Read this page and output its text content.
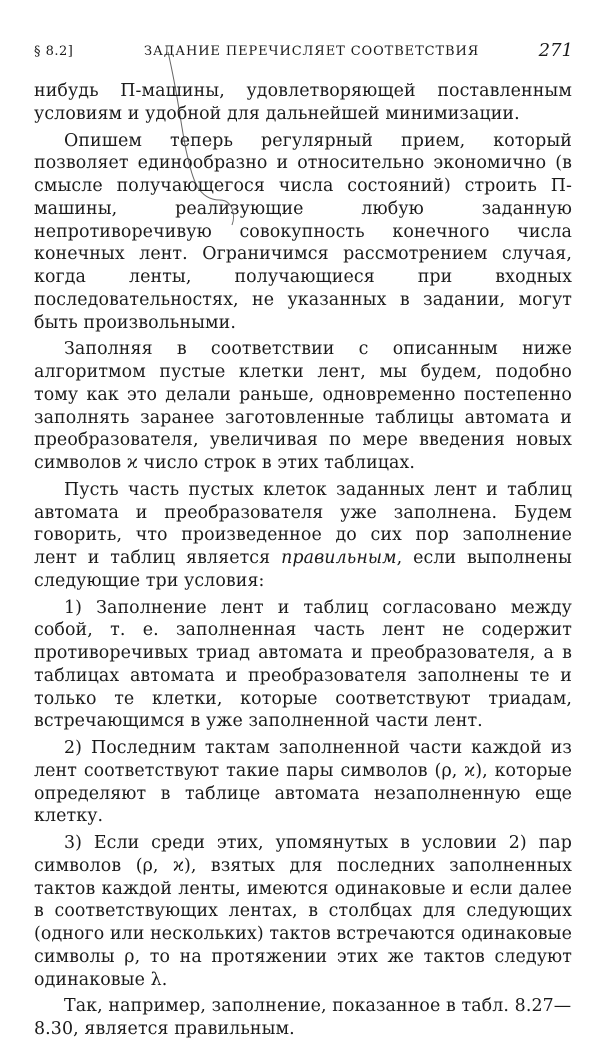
§ 8.2]	ЗАДАНИЕ ПЕРЕЧИСЛЯЕТ СООТВЕТСТВИЯ	271

нибудь П-машины, удовлетворяющей поставленным условиям и удобной для дальнейшей минимизации.

Опишем теперь регулярный прием, который позволяет единообразно и относительно экономично (в смысле получающегося числа состояний) строить П-машины, реализующие любую заданную непротиворечивую совокупность конечного числа конечных лент. Ограничимся рассмотрением случая, когда ленты, получающиеся при входных последовательностях, не указанных в задании, могут быть произвольными.

Заполняя в соответствии с описанным ниже алгоритмом пустые клетки лент, мы будем, подобно тому как это делали раньше, одновременно постепенно заполнять заранее заготовленные таблицы автомата и преобразователя, увеличивая по мере введения новых символов ϰ число строк в этих таблицах.

Пусть часть пустых клеток заданных лент и таблиц автомата и преобразователя уже заполнена. Будем говорить, что произведенное до сих пор заполнение лент и таблиц является правильным, если выполнены следующие три условия:

1) Заполнение лент и таблиц согласовано между собой, т. е. заполненная часть лент не содержит противоречивых триад автомата и преобразователя, а в таблицах автомата и преобразователя заполнены те и только те клетки, которые соответствуют триадам, встречающимся в уже заполненной части лент.

2) Последним тактам заполненной части каждой из лент соответствуют такие пары символов (ρ, ϰ), которые определяют в таблице автомата незаполненную еще клетку.

3) Если среди этих, упомянутых в условии 2) пар символов (ρ, ϰ), взятых для последних заполненных тактов каждой ленты, имеются одинаковые и если далее в соответствующих лентах, в столбцах для следующих (одного или нескольких) тактов встречаются одинаковые символы ρ, то на протяжении этих же тактов следуют одинаковые λ.

Так, например, заполнение, показанное в табл. 8.27—
8.30, является правильным.
